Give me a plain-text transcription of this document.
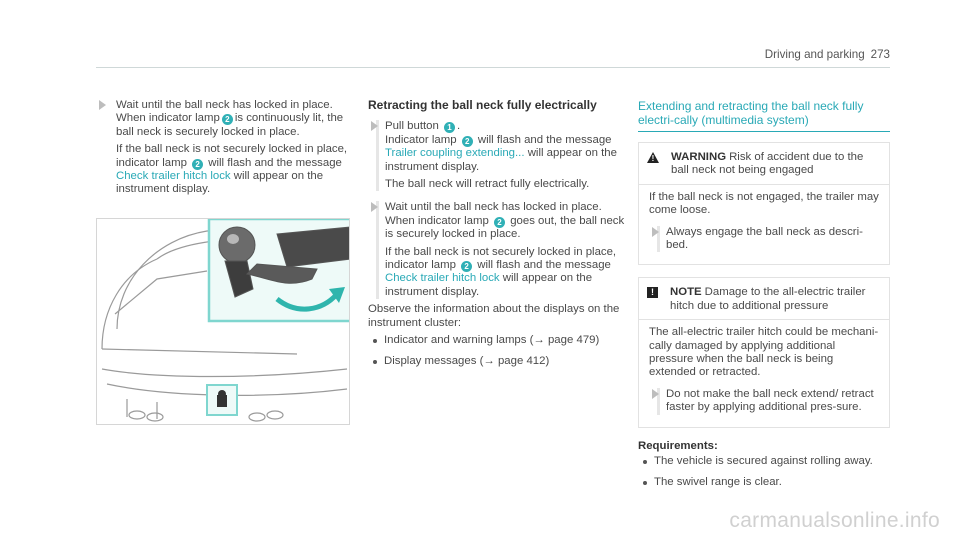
Driving and parking 273

Wait until the ball neck has locked in place.
When indicator lamp 2 is continuously lit, the ball neck is securely locked in place.

If the ball neck is not securely locked in place, indicator lamp 2 will flash and the message Check trailer hitch lock will appear on the instrument display.

Retracting the ball neck fully electrically

Pull button 1 .
Indicator lamp 2 will flash and the message
Trailer coupling extending... will appear on the instrument display.

The ball neck will retract fully electrically.

Wait until the ball neck has locked in place. When indicator lamp 2 goes out, the ball neck is securely locked in place.

If the ball neck is not securely locked in place, indicator lamp 2 will flash and the message Check trailer hitch lock will appear on the instrument display.

Observe the information about the displays on the instrument cluster:

Indicator and warning lamps (→ page 479)
Display messages (→ page 412)
Extending and retracting the ball neck fully electri-cally (multimedia system)
! WARNING Risk of accident due to the ball neck not being engaged

If the ball neck is not engaged, the trailer may come loose.

Always engage the ball neck as descri-bed.

!	NOTE Damage to the all-electric trailer hitch due to additional pressure

The all-electric trailer hitch could be mechani-cally damaged by applying additional pressure when the ball neck is being extended or retracted.

Do not make the ball neck extend/ retract faster by applying additional pres-sure.

Requirements:

The vehicle is secured against rolling away.
The swivel range is clear.
carmanualsonline.info
